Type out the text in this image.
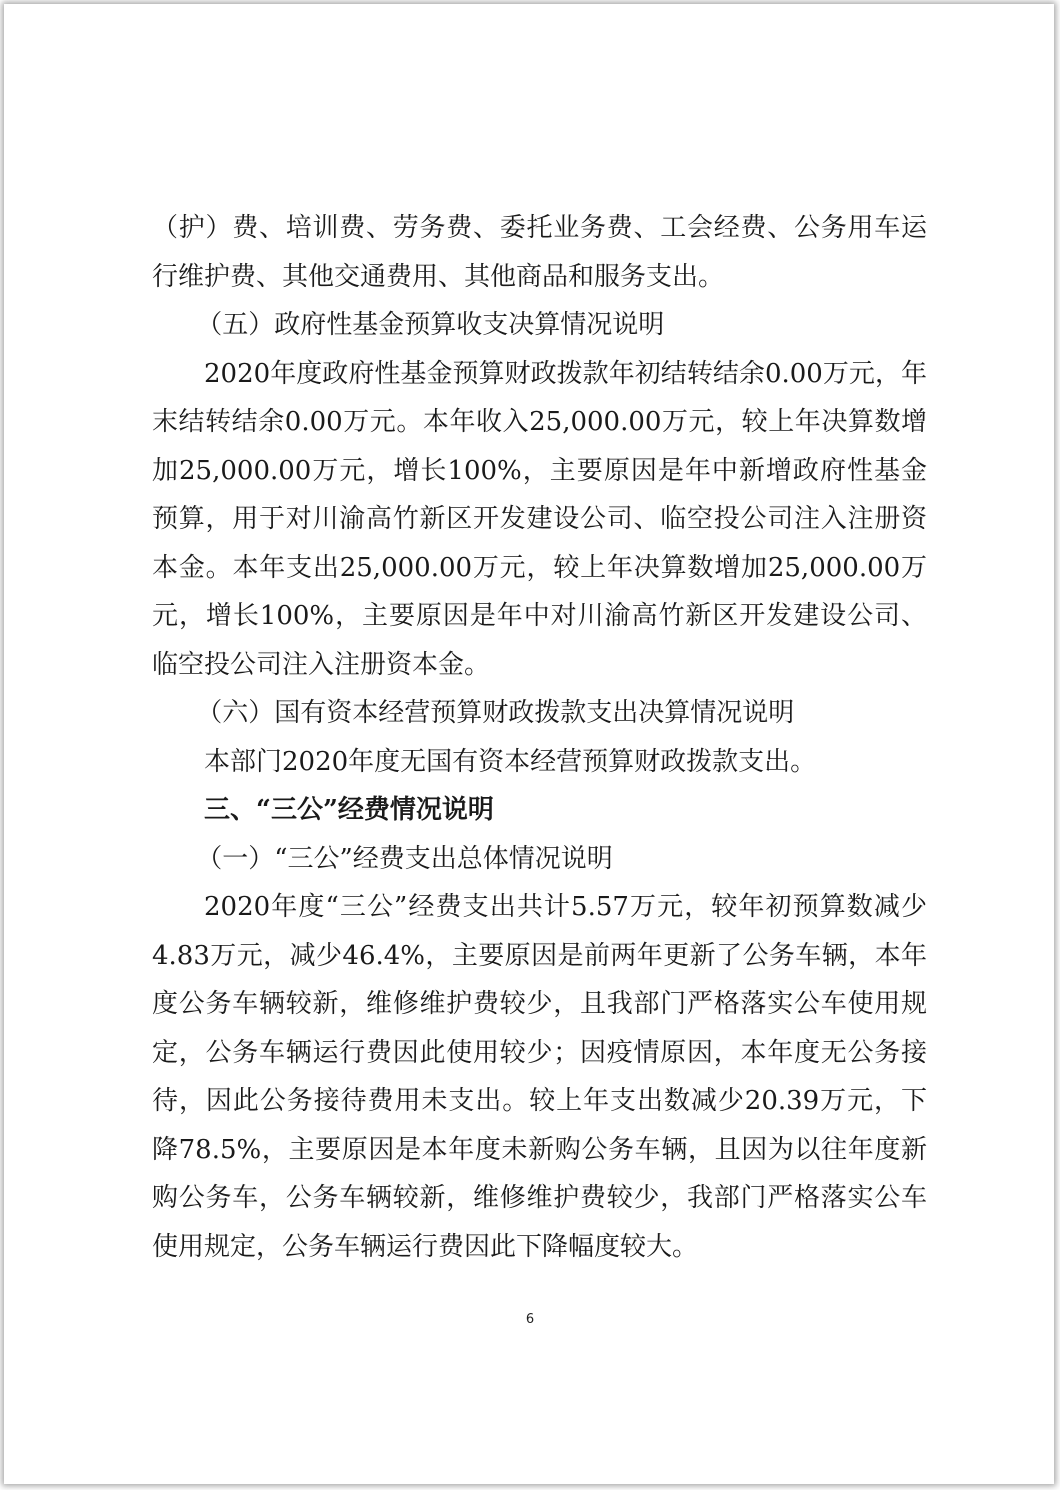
（护）费、培训费、劳务费、委托业务费、工会经费、公务用车运行维护费、其他交通费用、其他商品和服务支出。

（五）政府性基金预算收支决算情况说明

2020年度政府性基金预算财政拨款年初结转结余0.00万元，年末结转结余0.00万元。本年收入25,000.00万元，较上年决算数增加25,000.00万元，增长100%，主要原因是年中新增政府性基金预算，用于对川渝高竹新区开发建设公司、临空投公司注入注册资本金。本年支出25,000.00万元，较上年决算数增加25,000.00万元，增长100%，主要原因是年中对川渝高竹新区开发建设公司、临空投公司注入注册资本金。

（六）国有资本经营预算财政拨款支出决算情况说明

本部门2020年度无国有资本经营预算财政拨款支出。

三、“三公”经费情况说明

（一）“三公”经费支出总体情况说明

2020年度“三公”经费支出共计5.57万元，较年初预算数减少4.83万元，减少46.4%，主要原因是前两年更新了公务车辆，本年度公务车辆较新，维修维护费较少，且我部门严格落实公车使用规定，公务车辆运行费因此使用较少；因疫情原因，本年度无公务接待，因此公务接待费用未支出。较上年支出数减少20.39万元，下降78.5%，主要原因是本年度未新购公务车辆，且因为以往年度新购公务车，公务车辆较新，维修维护费较少，我部门严格落实公车使用规定，公务车辆运行费因此下降幅度较大。

6
